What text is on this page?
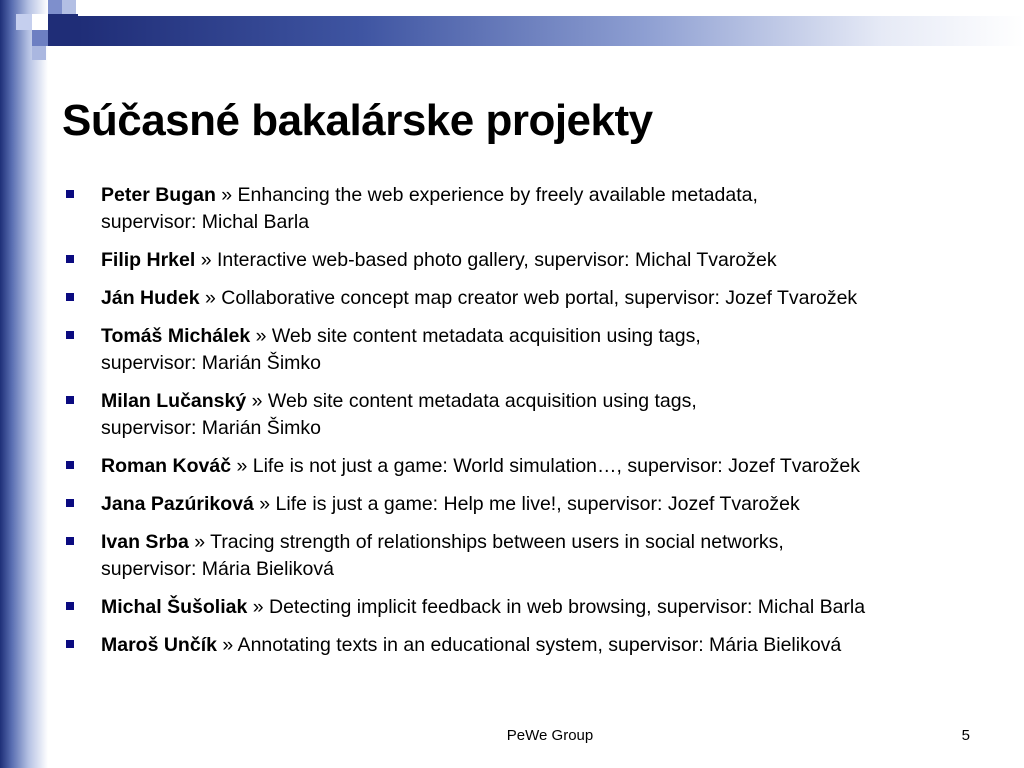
Súčasné bakalárske projekty
Peter Bugan » Enhancing the web experience by freely available metadata,
supervisor: Michal Barla
Filip Hrkel » Interactive web-based photo gallery, supervisor: Michal Tvarožek
Ján Hudek » Collaborative concept map creator web portal, supervisor: Jozef Tvarožek
Tomáš Michálek » Web site content metadata acquisition using tags,
supervisor: Marián Šimko
Milan Lučanský » Web site content metadata acquisition using tags,
supervisor: Marián Šimko
Roman Kováč » Life is not just a game: World simulation…, supervisor: Jozef Tvarožek
Jana Pazúriková » Life is just a game: Help me live!, supervisor: Jozef Tvarožek
Ivan Srba » Tracing strength of relationships between users in social networks,
supervisor: Mária Bieliková
Michal Šušoliak » Detecting implicit feedback in web browsing, supervisor: Michal Barla
Maroš Unčík » Annotating texts in an educational system, supervisor: Mária Bieliková
PeWe Group	5
